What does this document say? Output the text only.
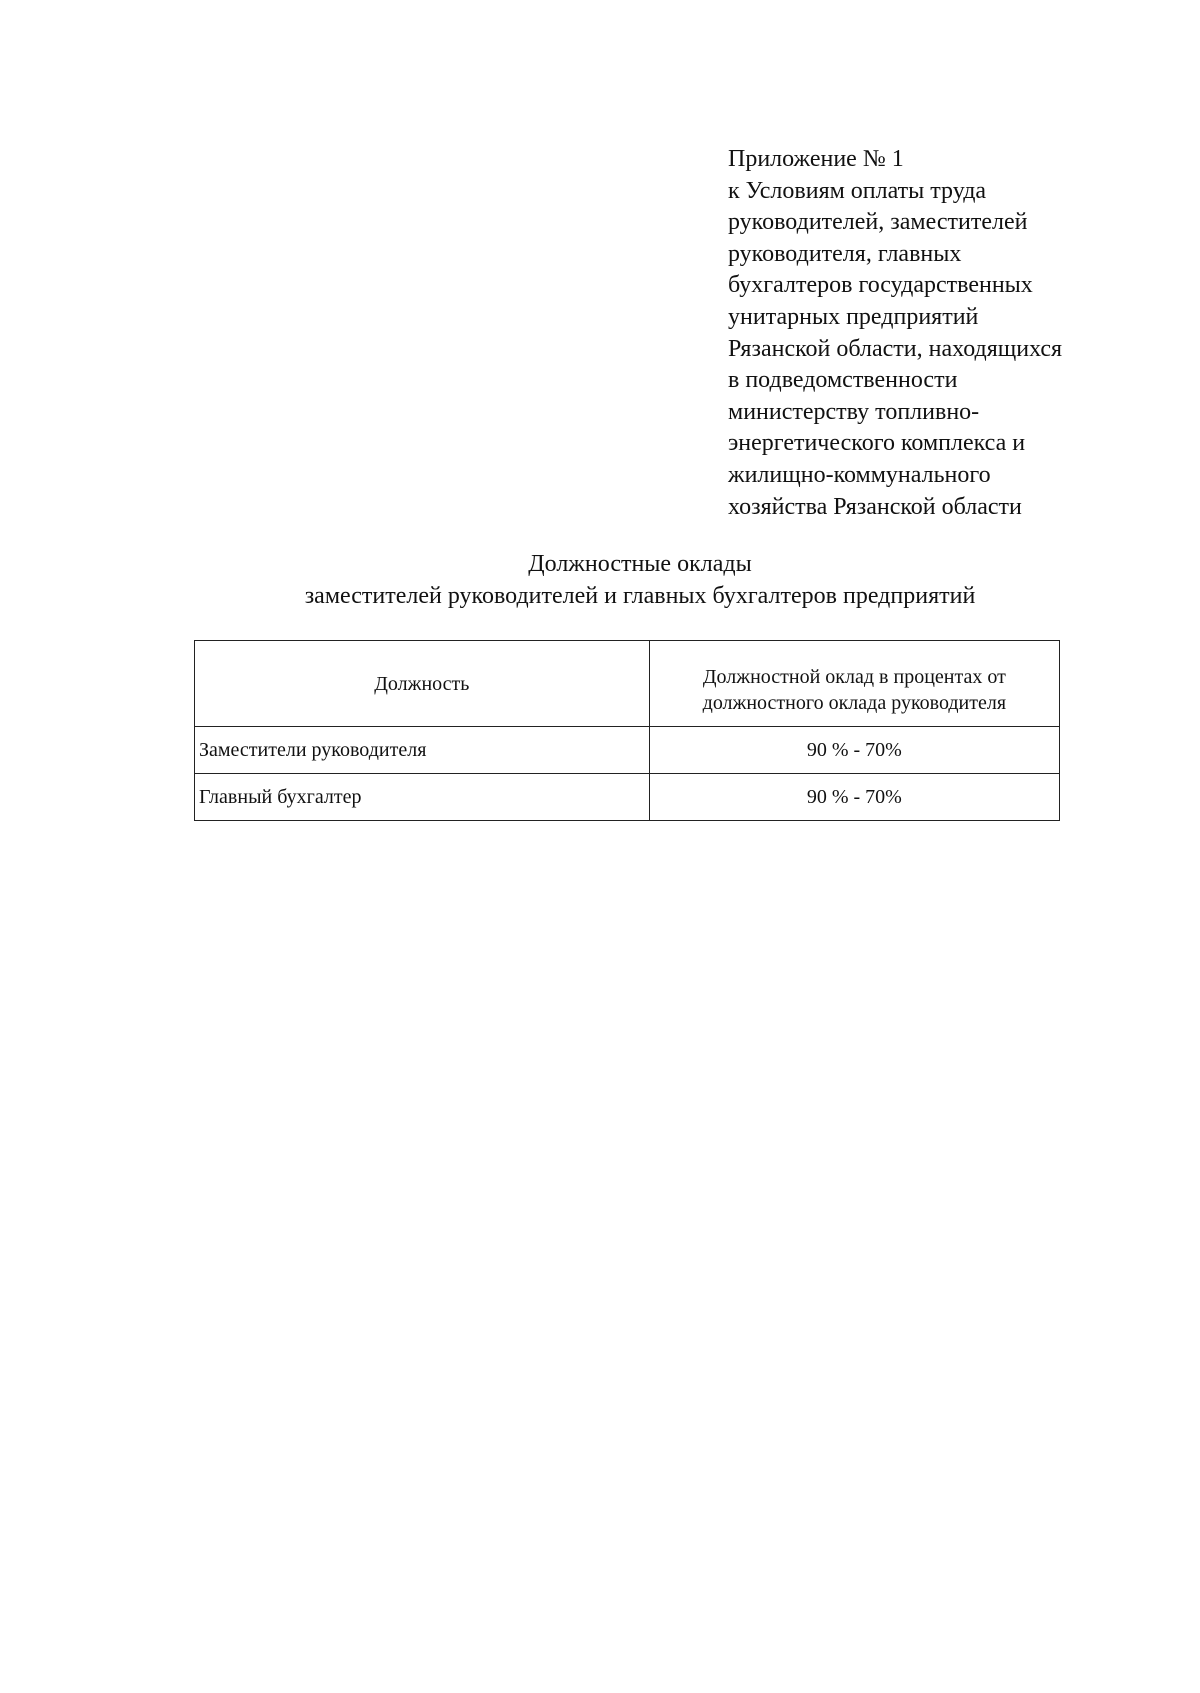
Приложение № 1
к Условиям оплаты труда
руководителей, заместителей
руководителя, главных
бухгалтеров государственных
унитарных предприятий
Рязанской области, находящихся
в подведомственности
министерству топливно-
энергетического комплекса и
жилищно-коммунального
хозяйства Рязанской области
Должностные оклады
заместителей руководителей и главных бухгалтеров предприятий
Должность	Должностной оклад в процентах от
должностного оклада руководителя

Заместители руководителя	90 % - 70%
Главный бухгалтер	90 % - 70%
